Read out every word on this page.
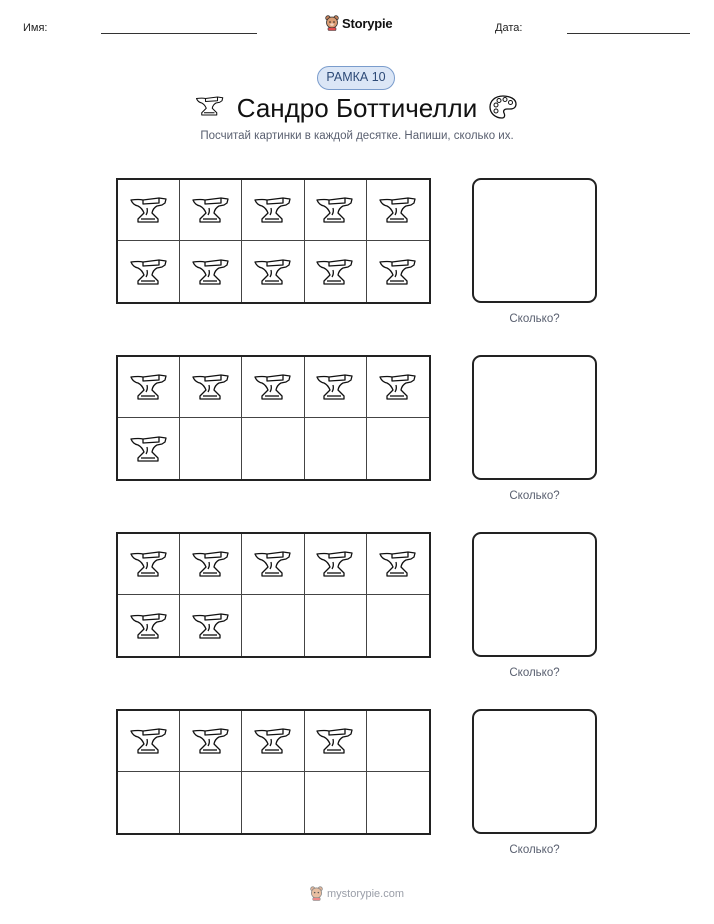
Имя:	Storypie	Дата:
РАМКА 10
Сандро Боттичелли
Посчитай картинки в каждой десятке. Напиши, сколько их.
Сколько?
Сколько?
Сколько?
Сколько?
mystorypie.com
